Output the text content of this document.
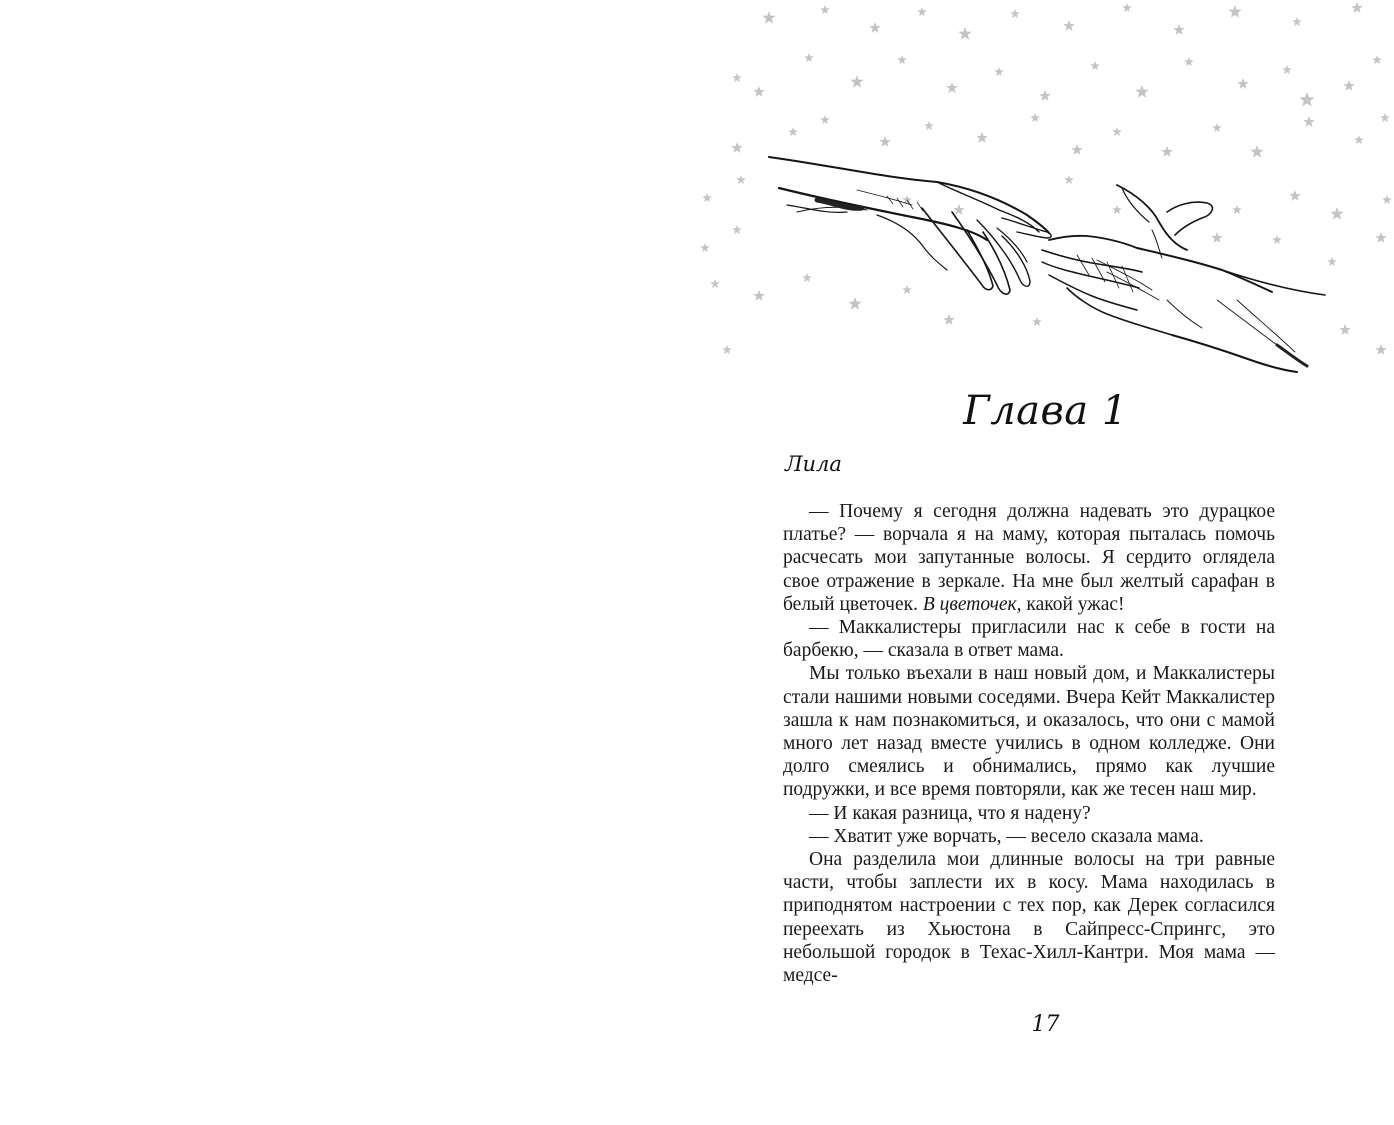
Глава 1
Лила

— Почему я сегодня должна надевать это дурацкое платье? — ворчала я на маму, которая пыталась помочь расчесать мои запутанные волосы. Я сердито оглядела свое отражение в зеркале. На мне был желтый сарафан в белый цветочек. В цветочек, какой ужас!

— Маккалистеры пригласили нас к себе в гости на барбекю, — сказала в ответ мама.

Мы только въехали в наш новый дом, и Маккалистеры стали нашими новыми соседями. Вчера Кейт Маккалистер зашла к нам познакомиться, и оказалось, что они с мамой много лет назад вместе учились в одном колледже. Они долго смеялись и обнимались, прямо как лучшие подружки, и все время повторяли, как же тесен наш мир.

— И какая разница, что я надену?

— Хватит уже ворчать, — весело сказала мама.

Она разделила мои длинные волосы на три равные части, чтобы заплести их в косу. Мама находилась в приподнятом настроении с тех пор, как Дерек согласился переехать из Хьюстона в Сайпресс-Спрингс, это небольшой городок в Техас-Хилл-Кантри. Моя мама — медсе-

17
